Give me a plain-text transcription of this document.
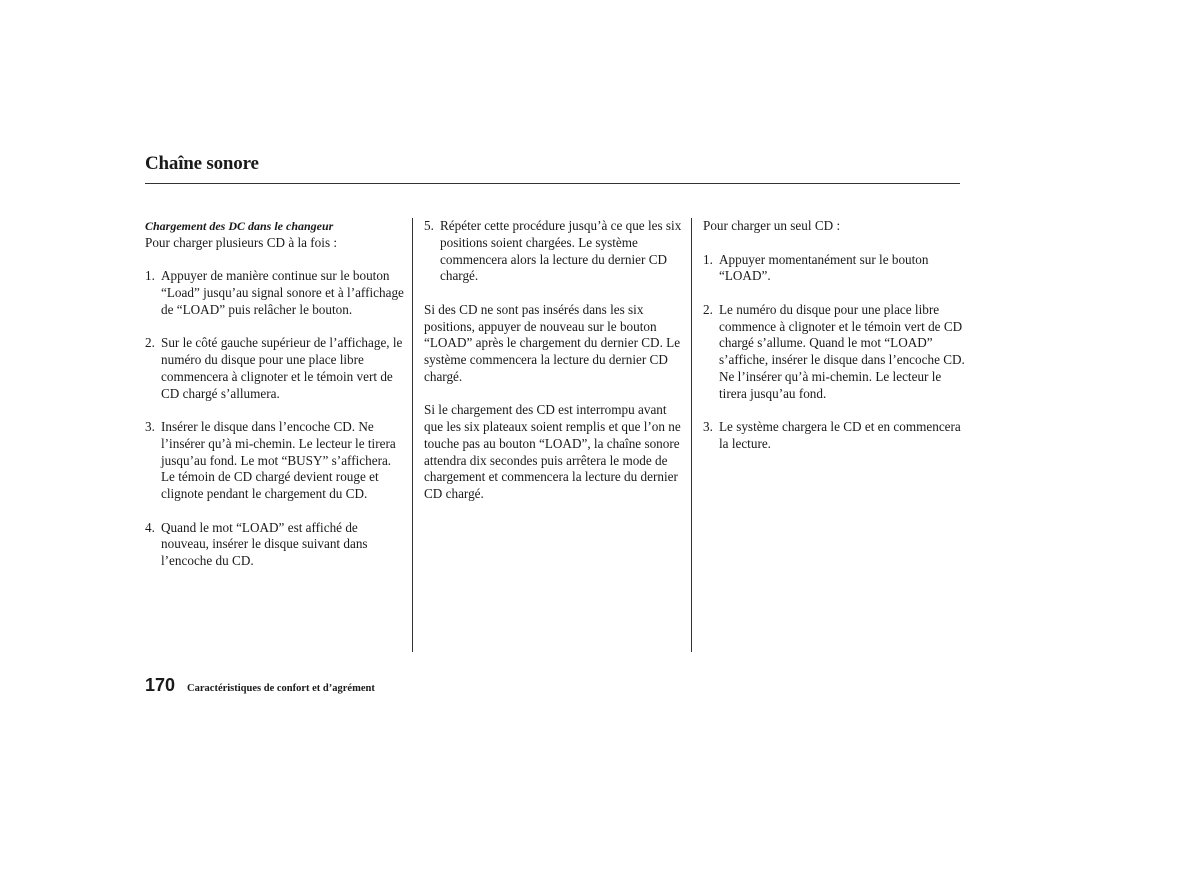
Chaîne sonore

Chargement des DC dans le changeur

Pour charger plusieurs CD à la fois :

1. Appuyer de manière continue sur le bouton “Load” jusqu’au signal sonore et à l’affichage de “LOAD” puis relâcher le bouton.
2. Sur le côté gauche supérieur de l’affichage, le numéro du disque pour une place libre commencera à clignoter et le témoin vert de CD chargé s’allumera.
3. Insérer le disque dans l’encoche CD. Ne l’insérer qu’à mi-chemin. Le lecteur le tirera jusqu’au fond. Le mot “BUSY” s’affichera. Le témoin de CD chargé devient rouge et clignote pendant le chargement du CD.
4. Quand le mot “LOAD” est affiché de nouveau, insérer le disque suivant dans l’encoche du CD.
5. Répéter cette procédure jusqu’à ce que les six positions soient chargées. Le système commencera alors la lecture du dernier CD chargé.

Si des CD ne sont pas insérés dans les six positions, appuyer de nouveau sur le bouton “LOAD” après le chargement du dernier CD. Le système commencera la lecture du dernier CD chargé.

Si le chargement des CD est interrompu avant que les six plateaux soient remplis et que l’on ne touche pas au bouton “LOAD”, la chaîne sonore attendra dix secondes puis arrêtera le mode de chargement et commencera la lecture du dernier CD chargé.

Pour charger un seul CD :

1. Appuyer momentanément sur le bouton “LOAD”.
2. Le numéro du disque pour une place libre commence à clignoter et le témoin vert de CD chargé s’allume. Quand le mot “LOAD” s’affiche, insérer le disque dans l’encoche CD. Ne l’insérer qu’à mi-chemin. Le lecteur le tirera jusqu’au fond.
3. Le système chargera le CD et en commencera la lecture.
170 Caractéristiques de confort et d’agrément
